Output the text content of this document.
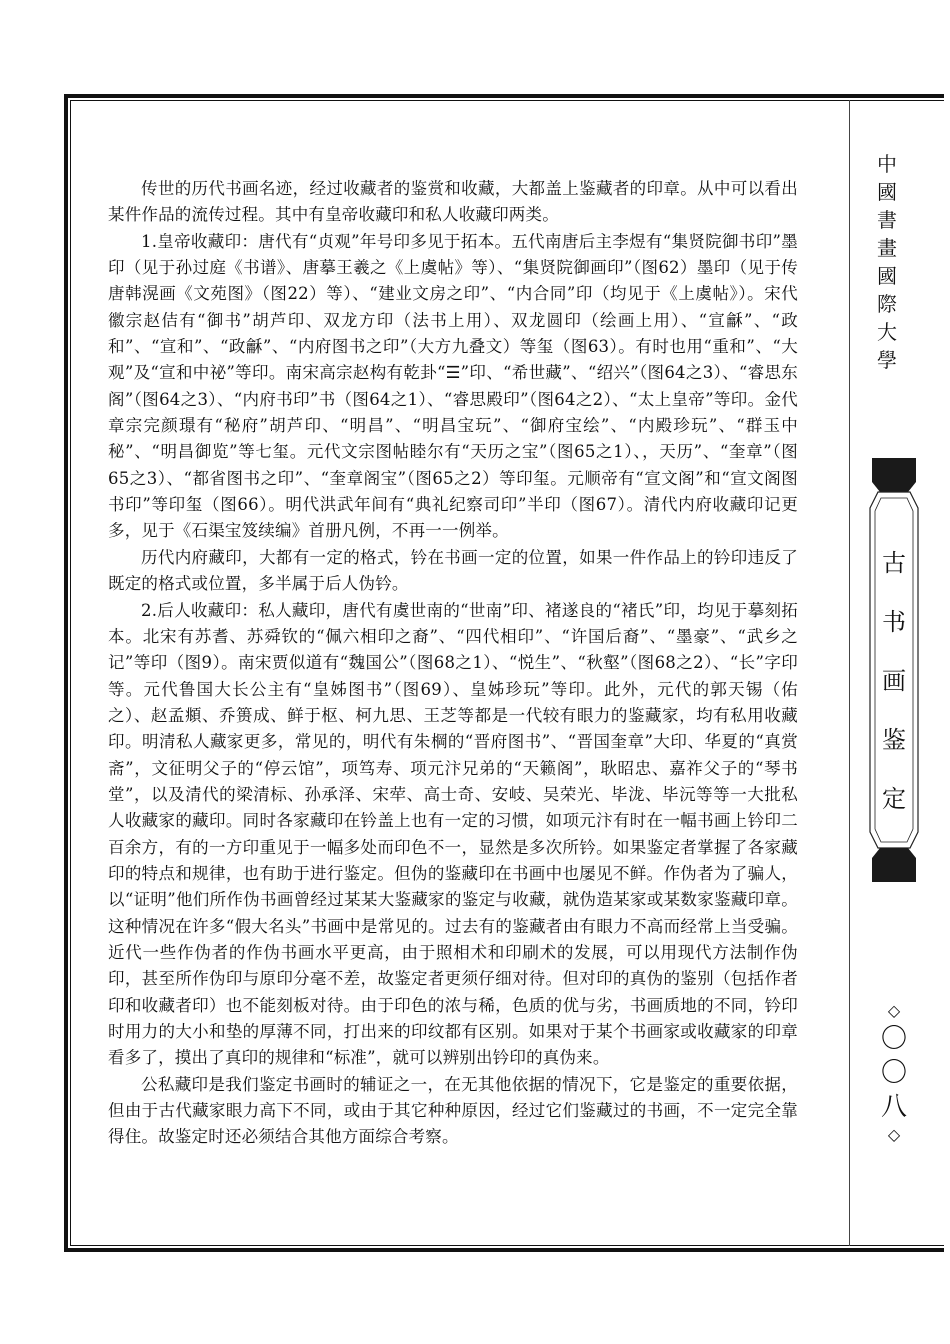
传世的历代书画名迹，经过收藏者的鉴赏和收藏，大都盖上鉴藏者的印章。从中可以看出某件作品的流传过程。其中有皇帝收藏印和私人收藏印两类。

1.皇帝收藏印：唐代有“贞观”年号印多见于拓本。五代南唐后主李煜有“集贤院御书印”墨印（见于孙过庭《书谱》、唐摹王羲之《上虞帖》等）、“集贤院御画印”（图62）墨印（见于传唐韩滉画《文苑图》（图22）等）、“建业文房之印”、“内合同”印（均见于《上虞帖》）。宋代徽宗赵佶有“御书”胡芦印、双龙方印（法书上用）、双龙圆印（绘画上用）、“宣龢”、“政和”、“宣和”、“政龢”、“内府图书之印”（大方九叠文）等玺（图63）。有时也用“重和”、“大观”及“宣和中祕”等印。南宋高宗赵构有乾卦“☰”印、“希世藏”、“绍兴”（图64之3）、“睿思东阁”（图64之3）、“内府书印”书（图64之1）、“睿思殿印”（图64之2）、“太上皇帝”等印。金代章宗完颜璟有“秘府”胡芦印、“明昌”、“明昌宝玩”、“御府宝绘”、“内殿珍玩”、“群玉中秘”、“明昌御览”等七玺。元代文宗图帖睦尔有“天历之宝”（图65之1）、，天历”、“奎章”（图65之3）、“都省图书之印”、“奎章阁宝”（图65之2）等印玺。元顺帝有“宣文阁”和“宣文阁图书印”等印玺（图66）。明代洪武年间有“典礼纪察司印”半印（图67）。清代内府收藏印记更多，见于《石渠宝笈续编》首册凡例，不再一一例举。

历代内府藏印，大都有一定的格式，钤在书画一定的位置，如果一件作品上的钤印违反了既定的格式或位置，多半属于后人伪钤。

2.后人收藏印：私人藏印，唐代有虞世南的“世南”印、褚遂良的“褚氏”印，均见于摹刻拓本。北宋有苏耆、苏舜钦的“佩六相印之裔”、“四代相印”、“许国后裔”、“墨豪”、“武乡之记”等印（图9）。南宋贾似道有“魏国公”（图68之1）、“悦生”、“秋壑”（图68之2）、“长”字印等。元代鲁国大长公主有“皇姊图书”（图69）、皇姊珍玩”等印。此外，元代的郭天锡（佑之）、赵孟頫、乔篑成、鲜于枢、柯九思、王芝等都是一代较有眼力的鉴藏家，均有私用收藏印。明清私人藏家更多，常见的，明代有朱棡的“晋府图书”、“晋国奎章”大印、华夏的“真赏斋”，文征明父子的“停云馆”，项笃寿、项元汴兄弟的“天籁阁”，耿昭忠、嘉祚父子的“琴书堂”，以及清代的梁清标、孙承泽、宋荦、高士奇、安岐、吴荣光、毕泷、毕沅等等一大批私人收藏家的藏印。同时各家藏印在钤盖上也有一定的习惯，如项元汴有时在一幅书画上钤印二百余方，有的一方印重见于一幅多处而印色不一，显然是多次所钤。如果鉴定者掌握了各家藏印的特点和规律，也有助于进行鉴定。但伪的鉴藏印在书画中也屡见不鲜。作伪者为了骗人，以“证明”他们所作伪书画曾经过某某大鉴藏家的鉴定与收藏，就伪造某家或某数家鉴藏印章。这种情况在许多“假大名头”书画中是常见的。过去有的鉴藏者由有眼力不高而经常上当受骗。近代一些作伪者的作伪书画水平更高，由于照相术和印刷术的发展，可以用现代方法制作伪印，甚至所作伪印与原印分毫不差，故鉴定者更须仔细对待。但对印的真伪的鉴别（包括作者印和收藏者印）也不能刻板对待。由于印色的浓与稀，色质的优与劣，书画质地的不同，钤印时用力的大小和垫的厚薄不同，打出来的印纹都有区别。如果对于某个书画家或收藏家的印章看多了，摸出了真印的规律和“标准”，就可以辨别出钤印的真伪来。

公私藏印是我们鉴定书画时的辅证之一，在无其他依据的情况下，它是鉴定的重要依据，但由于古代藏家眼力高下不同，或由于其它种种原因，经过它们鉴藏过的书画，不一定完全靠得住。故鉴定时还必须结合其他方面综合考察。

中
國
書
畫
國
際
大
學
古
书
画
鉴
定
◇
〇
〇
八
◇
